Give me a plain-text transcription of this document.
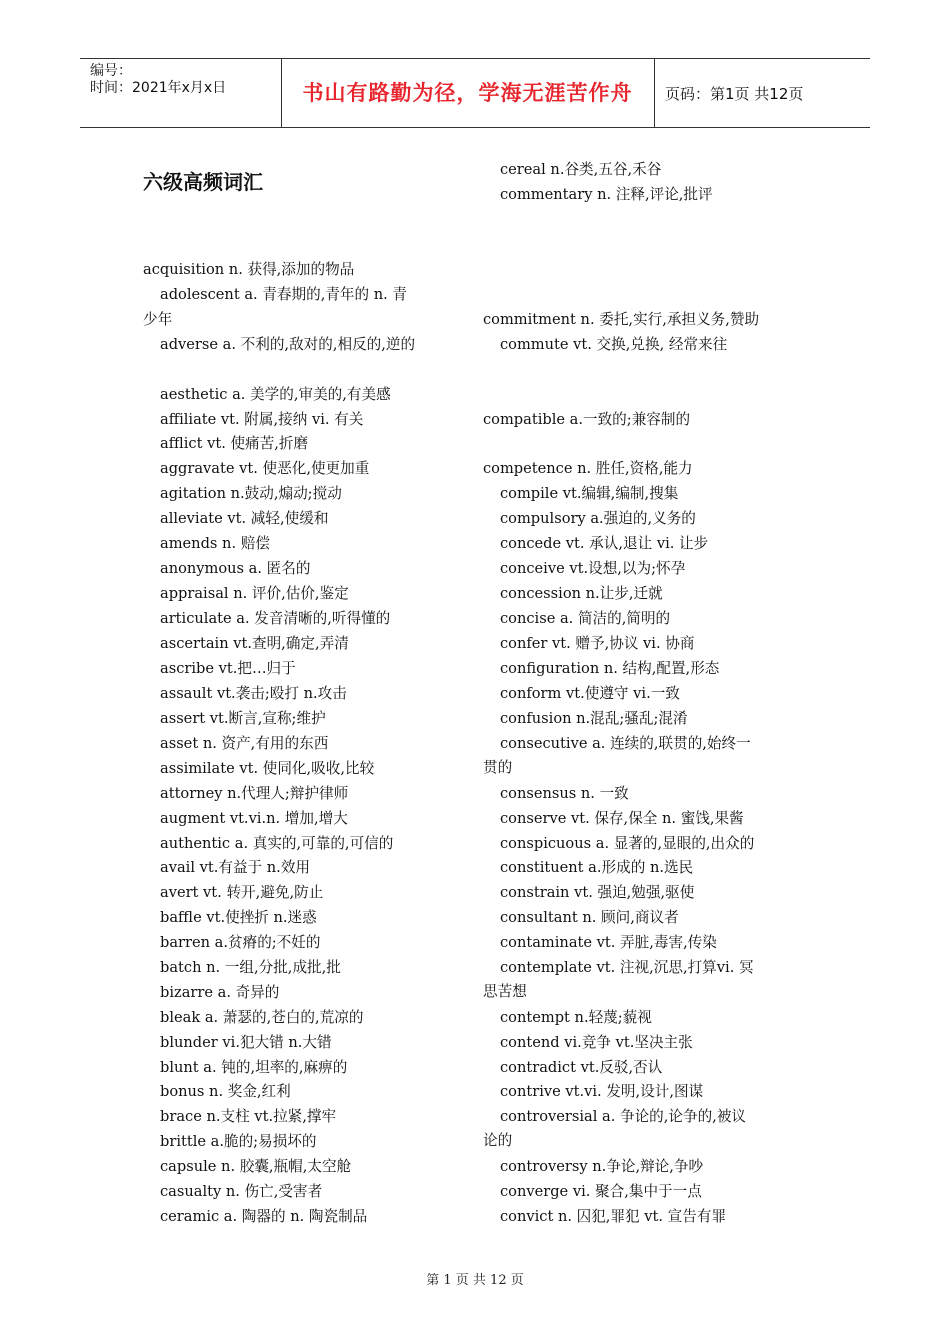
编号：
时间：2021年x月x日	书山有路勤为径，学海无涯苦作舟	页码：第1页 共12页
六级高频词汇
acquisition n. 获得,添加的物品
adolescent a. 青春期的,青年的 n. 青
少年
adverse a. 不利的,敌对的,相反的,逆的
aesthetic a. 美学的,审美的,有美感
affiliate vt. 附属,接纳 vi. 有关
afflict vt. 使痛苦,折磨
aggravate vt. 使恶化,使更加重
agitation n.鼓动,煽动;搅动
alleviate vt. 减轻,使缓和
amends n. 赔偿
anonymous a. 匿名的
appraisal n. 评价,估价,鉴定
articulate a. 发音清晰的,听得懂的
ascertain vt.查明,确定,弄清
ascribe vt.把…归于
assault vt.袭击;殴打 n.攻击
assert vt.断言,宣称;维护
asset n. 资产,有用的东西
assimilate vt. 使同化,吸收,比较
attorney n.代理人;辩护律师
augment vt.vi.n. 增加,增大
authentic a. 真实的,可靠的,可信的
avail vt.有益于 n.效用
avert vt. 转开,避免,防止
baffle vt.使挫折 n.迷惑
barren a.贫瘠的;不妊的
batch n. 一组,分批,成批,批
bizarre a. 奇异的
bleak a. 萧瑟的,苍白的,荒凉的
blunder vi.犯大错 n.大错
blunt a. 钝的,坦率的,麻痹的
bonus n. 奖金,红利
brace n.支柱 vt.拉紧,撑牢
brittle a.脆的;易损坏的
capsule n. 胶囊,瓶帽,太空舱
casualty n. 伤亡,受害者
ceramic a. 陶器的 n. 陶瓷制品
cereal n.谷类,五谷,禾谷
commentary n. 注释,评论,批评
commitment n. 委托,实行,承担义务,赞助
commute vt. 交换,兑换, 经常来往
compatible a.一致的;兼容制的
competence n. 胜任,资格,能力
compile vt.编辑,编制,搜集
compulsory a.强迫的,义务的
concede vt. 承认,退让 vi. 让步
conceive vt.设想,以为;怀孕
concession n.让步,迁就
concise a. 简洁的,简明的
confer vt. 赠予,协议 vi. 协商
configuration n. 结构,配置,形态
conform vt.使遵守 vi.一致
confusion n.混乱;骚乱;混淆
consecutive a. 连续的,联贯的,始终一
贯的
consensus n. 一致
conserve vt. 保存,保全 n. 蜜饯,果酱
conspicuous a. 显著的,显眼的,出众的
constituent a.形成的 n.选民
constrain vt. 强迫,勉强,驱使
consultant n. 顾问,商议者
contaminate vt. 弄脏,毒害,传染
contemplate vt. 注视,沉思,打算vi. 冥
思苦想
contempt n.轻蔑;藐视
contend vi.竞争 vt.坚决主张
contradict vt.反驳,否认
contrive vt.vi. 发明,设计,图谋
controversial a. 争论的,论争的,被议
论的
controversy n.争论,辩论,争吵
converge vi. 聚合,集中于一点
convict n. 囚犯,罪犯 vt. 宣告有罪
第 1 页 共 12 页
